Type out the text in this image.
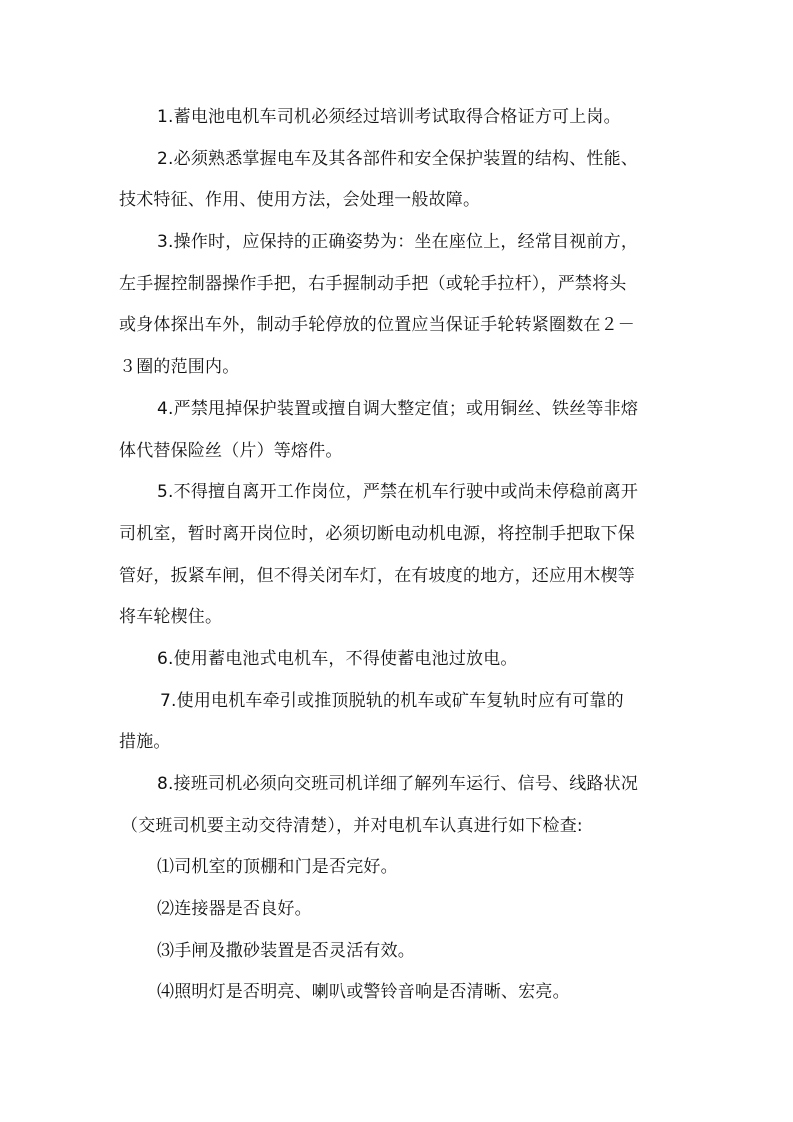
1.蓄电池电机车司机必须经过培训考试取得合格证方可上岗。
2.必须熟悉掌握电车及其各部件和安全保护装置的结构、性能、
技术特征、作用、使用方法，会处理一般故障。
3.操作时，应保持的正确姿势为：坐在座位上，经常目视前方，
左手握控制器操作手把，右手握制动手把（或轮手拉杆），严禁将头
或身体探出车外，制动手轮停放的位置应当保证手轮转紧圈数在２－
３圈的范围内。
4.严禁甩掉保护装置或擅自调大整定值；或用铜丝、铁丝等非熔
体代替保险丝（片）等熔件。
5.不得擅自离开工作岗位，严禁在机车行驶中或尚未停稳前离开
司机室，暂时离开岗位时，必须切断电动机电源，将控制手把取下保
管好，扳紧车闸，但不得关闭车灯，在有坡度的地方，还应用木楔等
将车轮楔住。
6.使用蓄电池式电机车，不得使蓄电池过放电。
7.使用电机车牵引或推顶脱轨的机车或矿车复轨时应有可靠的
措施。
8.接班司机必须向交班司机详细了解列车运行、信号、线路状况
（交班司机要主动交待清楚），并对电机车认真进行如下检查:
⑴司机室的顶棚和门是否完好。
⑵连接器是否良好。
⑶手闸及撒砂装置是否灵活有效。
⑷照明灯是否明亮、喇叭或警铃音响是否清晰、宏亮。
